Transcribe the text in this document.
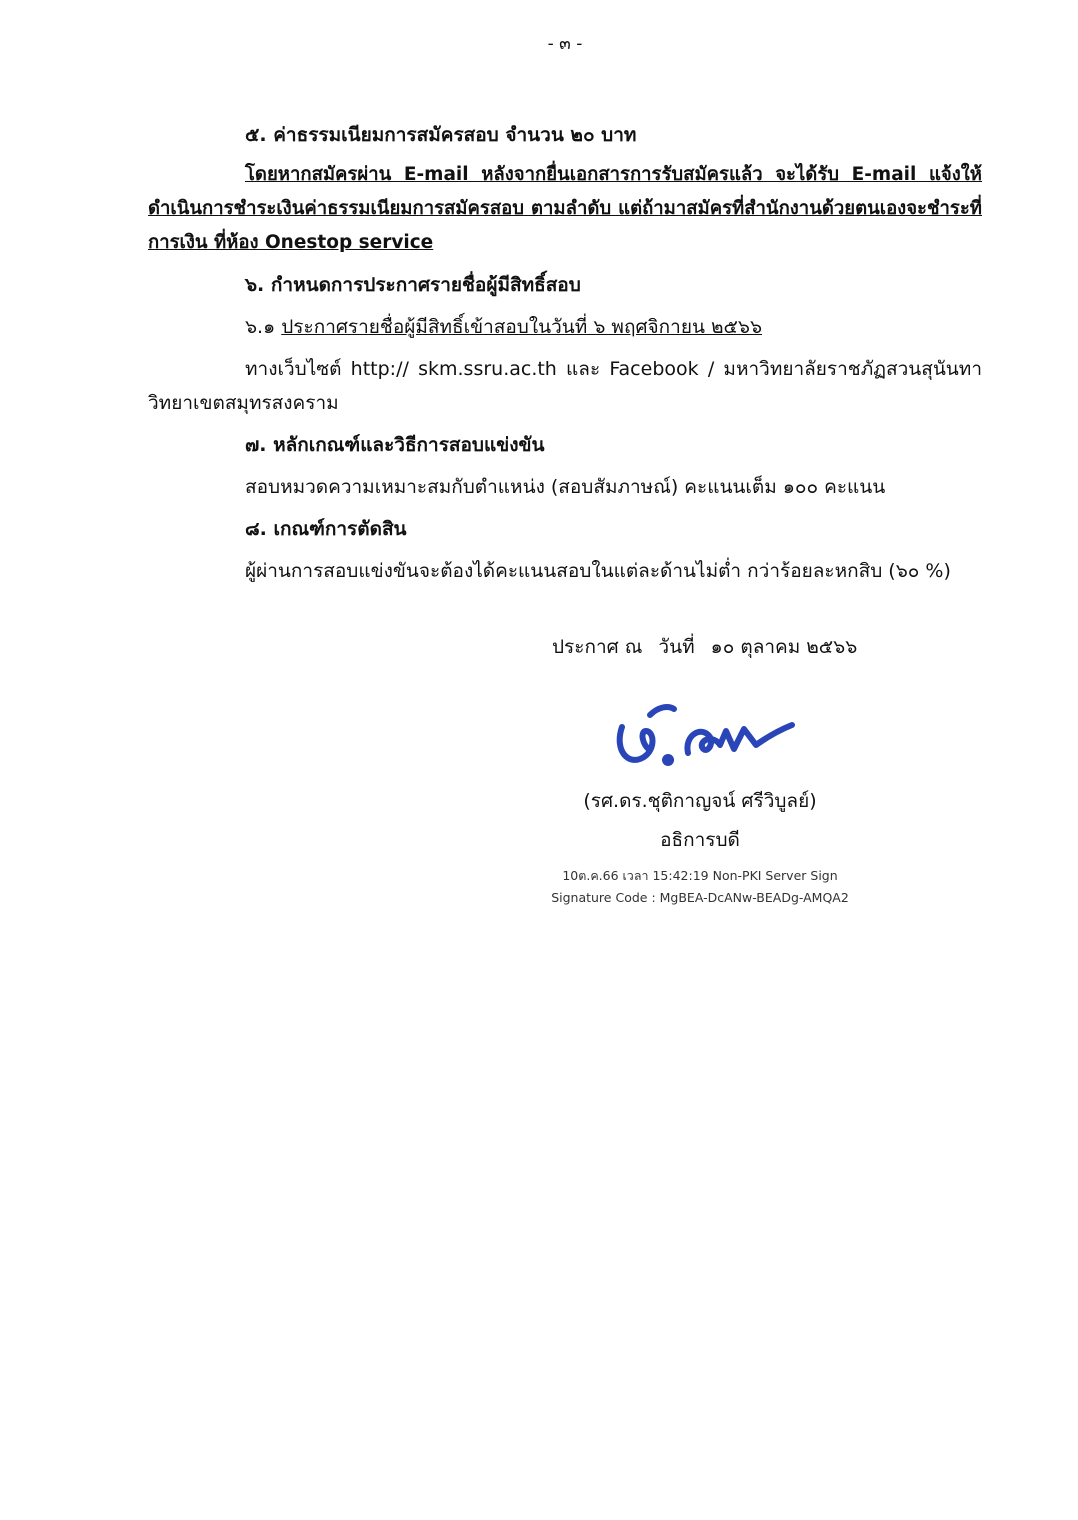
- ๓ -
๕. ค่าธรรมเนียมการสมัครสอบ จำนวน ๒๐ บาท
โดยหากสมัครผ่าน E-mail หลังจากยื่นเอกสารการรับสมัครแล้ว จะได้รับ E-mail แจ้งให้ดำเนินการชำระเงินค่าธรรมเนียมการสมัครสอบ ตามลำดับ แต่ถ้ามาสมัครที่สำนักงานด้วยตนเองจะชำระที่ การเงิน ที่ห้อง Onestop service
๖. กำหนดการประกาศรายชื่อผู้มีสิทธิ์สอบ
๖.๑ ประกาศรายชื่อผู้มีสิทธิ์เข้าสอบในวันที่ ๖ พฤศจิกายน ๒๕๖๖
ทางเว็บไซต์ http:// skm.ssru.ac.th และ Facebook / มหาวิทยาลัยราชภัฏสวนสุนันทา
วิทยาเขตสมุทรสงคราม
๗. หลักเกณฑ์และวิธีการสอบแข่งขัน
สอบหมวดความเหมาะสมกับตำแหน่ง (สอบสัมภาษณ์) คะแนนเต็ม ๑๐๐ คะแนน
๘. เกณฑ์การตัดสิน
ผู้ผ่านการสอบแข่งขันจะต้องได้คะแนนสอบในแต่ละด้านไม่ต่ำ กว่าร้อยละหกสิบ (๖๐ %)
ประกาศ ณ วันที่ ๑๐ ตุลาคม ๒๕๖๖
(รศ.ดร.ชุติกาญจน์ ศรีวิบูลย์)
อธิการบดี
10ต.ค.66 เวลา 15:42:19 Non-PKI Server Sign
Signature Code : MgBEA-DcANw-BEADg-AMQA2
